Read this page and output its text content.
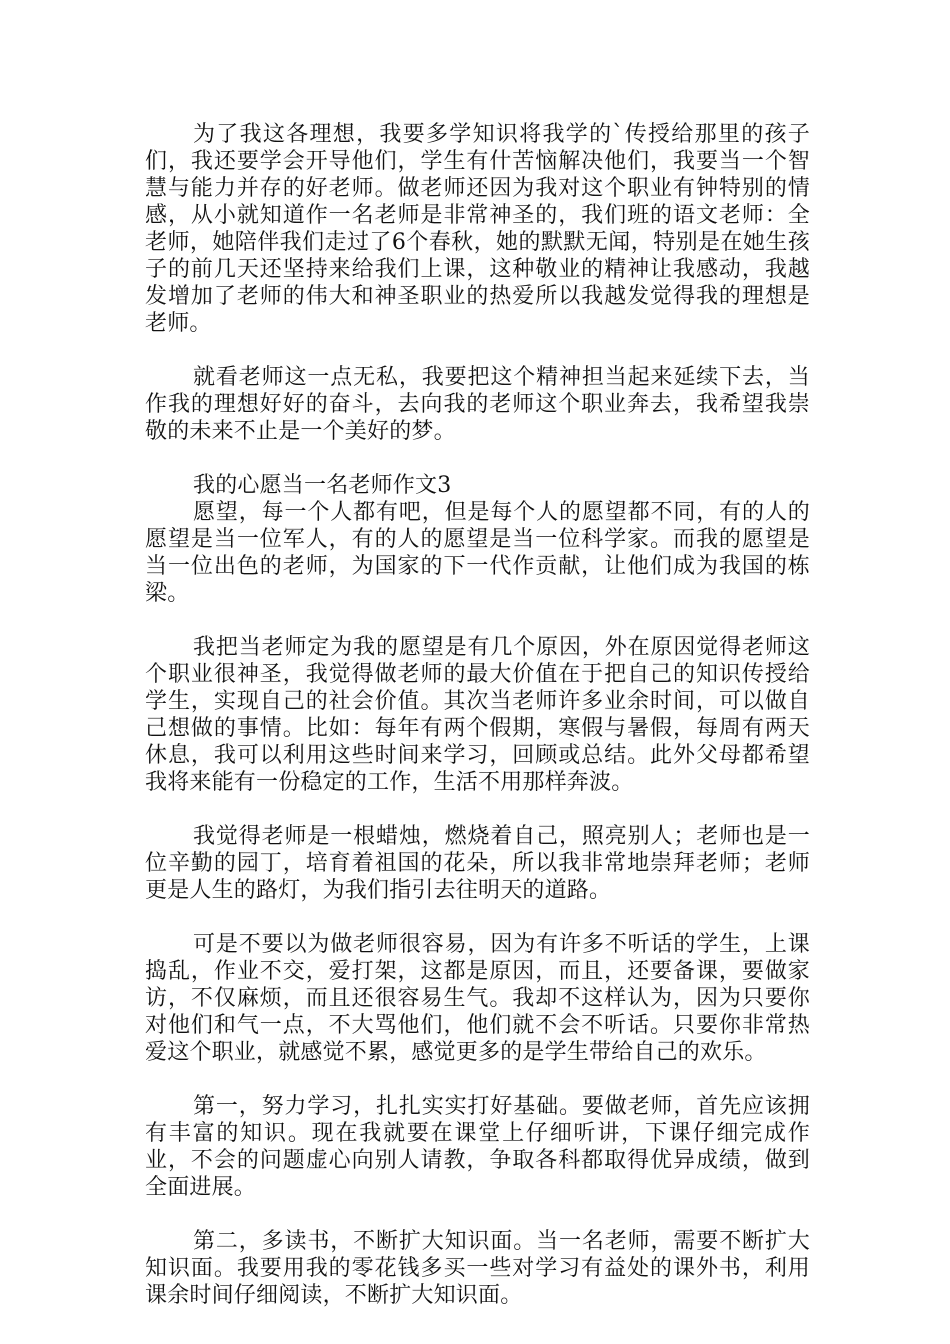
为了我这各理想，我要多学知识将我学的`传授给那里的孩子们，我还要学会开导他们，学生有什苦恼解决他们，我要当一个智慧与能力并存的好老师。做老师还因为我对这个职业有钟特别的情感，从小就知道作一名老师是非常神圣的，我们班的语文老师：全老师，她陪伴我们走过了6个春秋，她的默默无闻，特别是在她生孩子的前几天还坚持来给我们上课，这种敬业的精神让我感动，我越发增加了老师的伟大和神圣职业的热爱所以我越发觉得我的理想是老师。

就看老师这一点无私，我要把这个精神担当起来延续下去，当作我的理想好好的奋斗，去向我的老师这个职业奔去，我希望我崇敬的未来不止是一个美好的梦。

我的心愿当一名老师作文3

愿望，每一个人都有吧，但是每个人的愿望都不同，有的人的愿望是当一位军人，有的人的愿望是当一位科学家。而我的愿望是当一位出色的老师，为国家的下一代作贡献，让他们成为我国的栋梁。

我把当老师定为我的愿望是有几个原因，外在原因觉得老师这个职业很神圣，我觉得做老师的最大价值在于把自己的知识传授给学生，实现自己的社会价值。其次当老师许多业余时间，可以做自己想做的事情。比如：每年有两个假期，寒假与暑假，每周有两天休息，我可以利用这些时间来学习，回顾或总结。此外父母都希望我将来能有一份稳定的工作，生活不用那样奔波。

我觉得老师是一根蜡烛，燃烧着自己，照亮别人；老师也是一位辛勤的园丁，培育着祖国的花朵，所以我非常地崇拜老师；老师更是人生的路灯，为我们指引去往明天的道路。

可是不要以为做老师很容易，因为有许多不听话的学生，上课捣乱，作业不交，爱打架，这都是原因，而且，还要备课，要做家访，不仅麻烦，而且还很容易生气。我却不这样认为，因为只要你对他们和气一点，不大骂他们，他们就不会不听话。只要你非常热爱这个职业，就感觉不累，感觉更多的是学生带给自己的欢乐。

第一，努力学习，扎扎实实打好基础。要做老师，首先应该拥有丰富的知识。现在我就要在课堂上仔细听讲，下课仔细完成作业，不会的问题虚心向别人请教，争取各科都取得优异成绩，做到全面进展。

第二，多读书，不断扩大知识面。当一名老师，需要不断扩大知识面。我要用我的零花钱多买一些对学习有益处的课外书，利用课余时间仔细阅读，不断扩大知识面。
